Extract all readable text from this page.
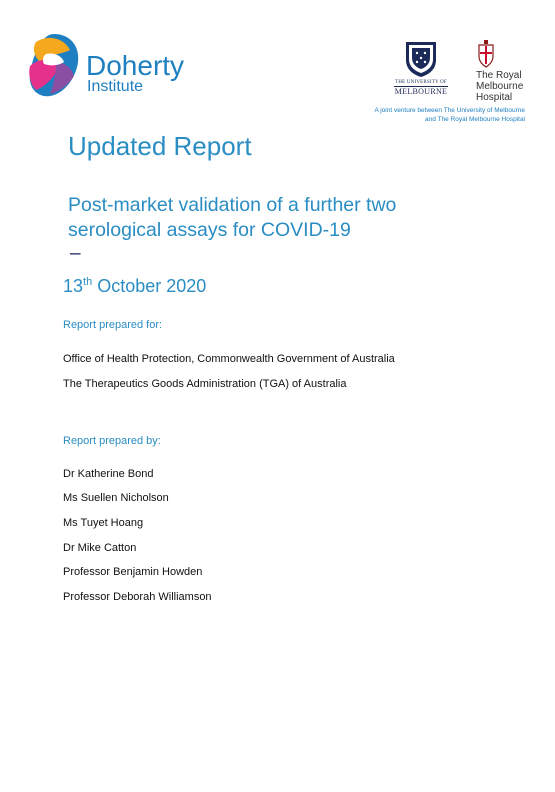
Doherty
Institute	THE UNIVERSITY OF
MELBOURNE
The Royal
Melbourne
Hospital
A joint venture between The University of Melbourne
and The Royal Melbourne Hospital
Updated Report
Post-market validation of a further two
serological assays for COVID-19
–
13th October 2020
Report prepared for:
Office of Health Protection, Commonwealth Government of Australia
The Therapeutics Goods Administration (TGA) of Australia
Report prepared by:
Dr Katherine Bond
Ms Suellen Nicholson
Ms Tuyet Hoang
Dr Mike Catton
Professor Benjamin Howden
Professor Deborah Williamson
